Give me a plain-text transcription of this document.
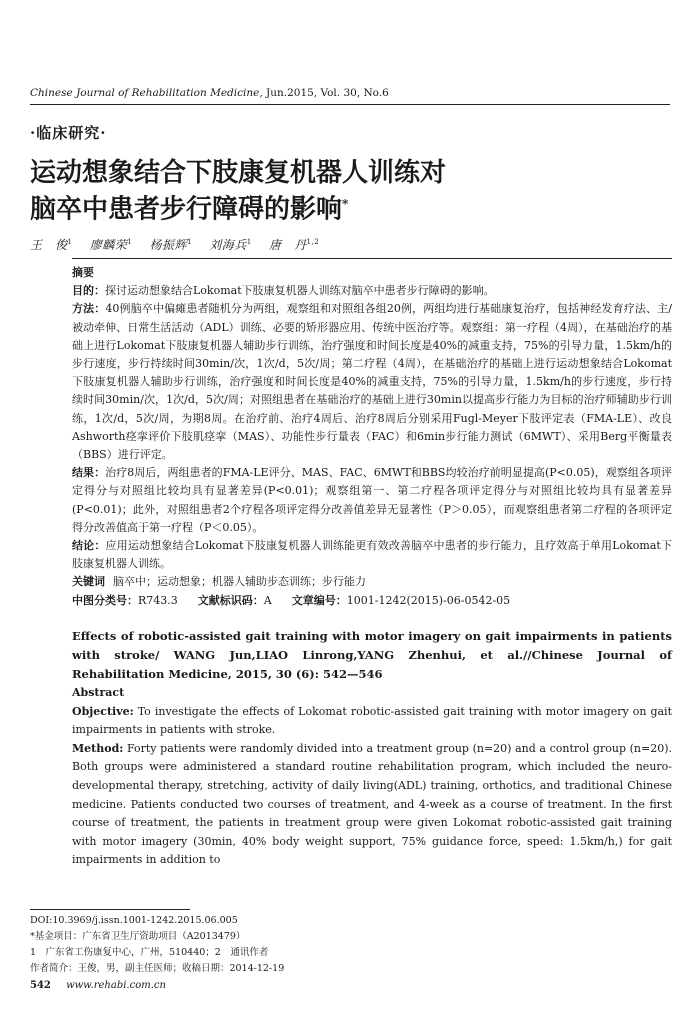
Chinese Journal of Rehabilitation Medicine, Jun.2015, Vol. 30, No.6
·临床研究·
运动想象结合下肢康复机器人训练对
脑卒中患者步行障碍的影响*
王　俊$^1$ 廖麟荣$^1$ 杨振辉$^1$ 刘海兵$^1$ 唐　丹$^{1,2}$

摘要

目的：探讨运动想象结合Lokomat下肢康复机器人训练对脑卒中患者步行障碍的影响。

方法：40例脑卒中偏瘫患者随机分为两组，观察组和对照组各组20例，两组均进行基础康复治疗，包括神经发育疗法、主/被动牵伸、日常生活活动（ADL）训练、必要的矫形器应用、传统中医治疗等。观察组：第一疗程（4周），在基础治疗的基础上进行Lokomat下肢康复机器人辅助步行训练，治疗强度和时间长度是40%的减重支持，75%的引导力量，1.5km/h的步行速度，步行持续时间30min/次，1次/d，5次/周；第二疗程（4周），在基础治疗的基础上进行运动想象结合Lokomat下肢康复机器人辅助步行训练，治疗强度和时间长度是40%的减重支持，75%的引导力量，1.5km/h的步行速度，步行持续时间30min/次，1次/d，5次/周；对照组患者在基础治疗的基础上进行30min以提高步行能力为目标的治疗师辅助步行训练，1次/d，5次/周，为期8周。在治疗前、治疗4周后、治疗8周后分别采用Fugl-Meyer下肢评定表（FMA-LE）、改良Ashworth痉挛评价下肢肌痉挛（MAS）、功能性步行量表（FAC）和6min步行能力测试（6MWT）、采用Berg平衡量表（BBS）进行评定。

结果：治疗8周后，两组患者的FMA-LE评分、MAS、FAC、6MWT和BBS均较治疗前明显提高(P<0.05)，观察组各项评定得分与对照组比较均具有显著差异(P<0.01)；观察组第一、第二疗程各项评定得分与对照组比较均具有显著差异(P<0.01)；此外，对照组患者2个疗程各项评定得分改善值差异无显著性（P＞0.05），而观察组患者第二疗程的各项评定得分改善值高于第一疗程（P＜0.05）。

结论：应用运动想象结合Lokomat下肢康复机器人训练能更有效改善脑卒中患者的步行能力，且疗效高于单用Lokomat下肢康复机器人训练。

关键词 脑卒中；运动想象；机器人辅助步态训练；步行能力

中图分类号：R743.3 文献标识码：A 文章编号：1001-1242(2015)-06-0542-05

Effects of robotic-assisted gait training with motor imagery on gait impairments in patients with stroke/ WANG Jun,LIAO Linrong,YANG Zhenhui, et al.//Chinese Journal of Rehabilitation Medicine, 2015, 30 (6): 542—546

Abstract

Objective: To investigate the effects of Lokomat robotic-assisted gait training with motor imagery on gait impairments in patients with stroke.

Method: Forty patients were randomly divided into a treatment group (n=20) and a control group (n=20). Both groups were administered a standard routine rehabilitation program, which included the neuro-developmental therapy, stretching, activity of daily living(ADL) training, orthotics, and traditional Chinese medicine. Patients conducted two courses of treatment, and 4-week as a course of treatment. In the first course of treatment, the patients in treatment group were given Lokomat robotic-assisted gait training with motor imagery (30min, 40% body weight support, 75% guidance force, speed: 1.5km/h,) for gait impairments in addition to

DOI:10.3969/j.issn.1001-1242.2015.06.005
*基金项目：广东省卫生厅资助项目（A2013479）
1　广东省工伤康复中心，广州，510440；2　通讯作者
作者简介：王俊，男，副主任医师；收稿日期：2014-12-19
542 www.rehabi.com.cn
